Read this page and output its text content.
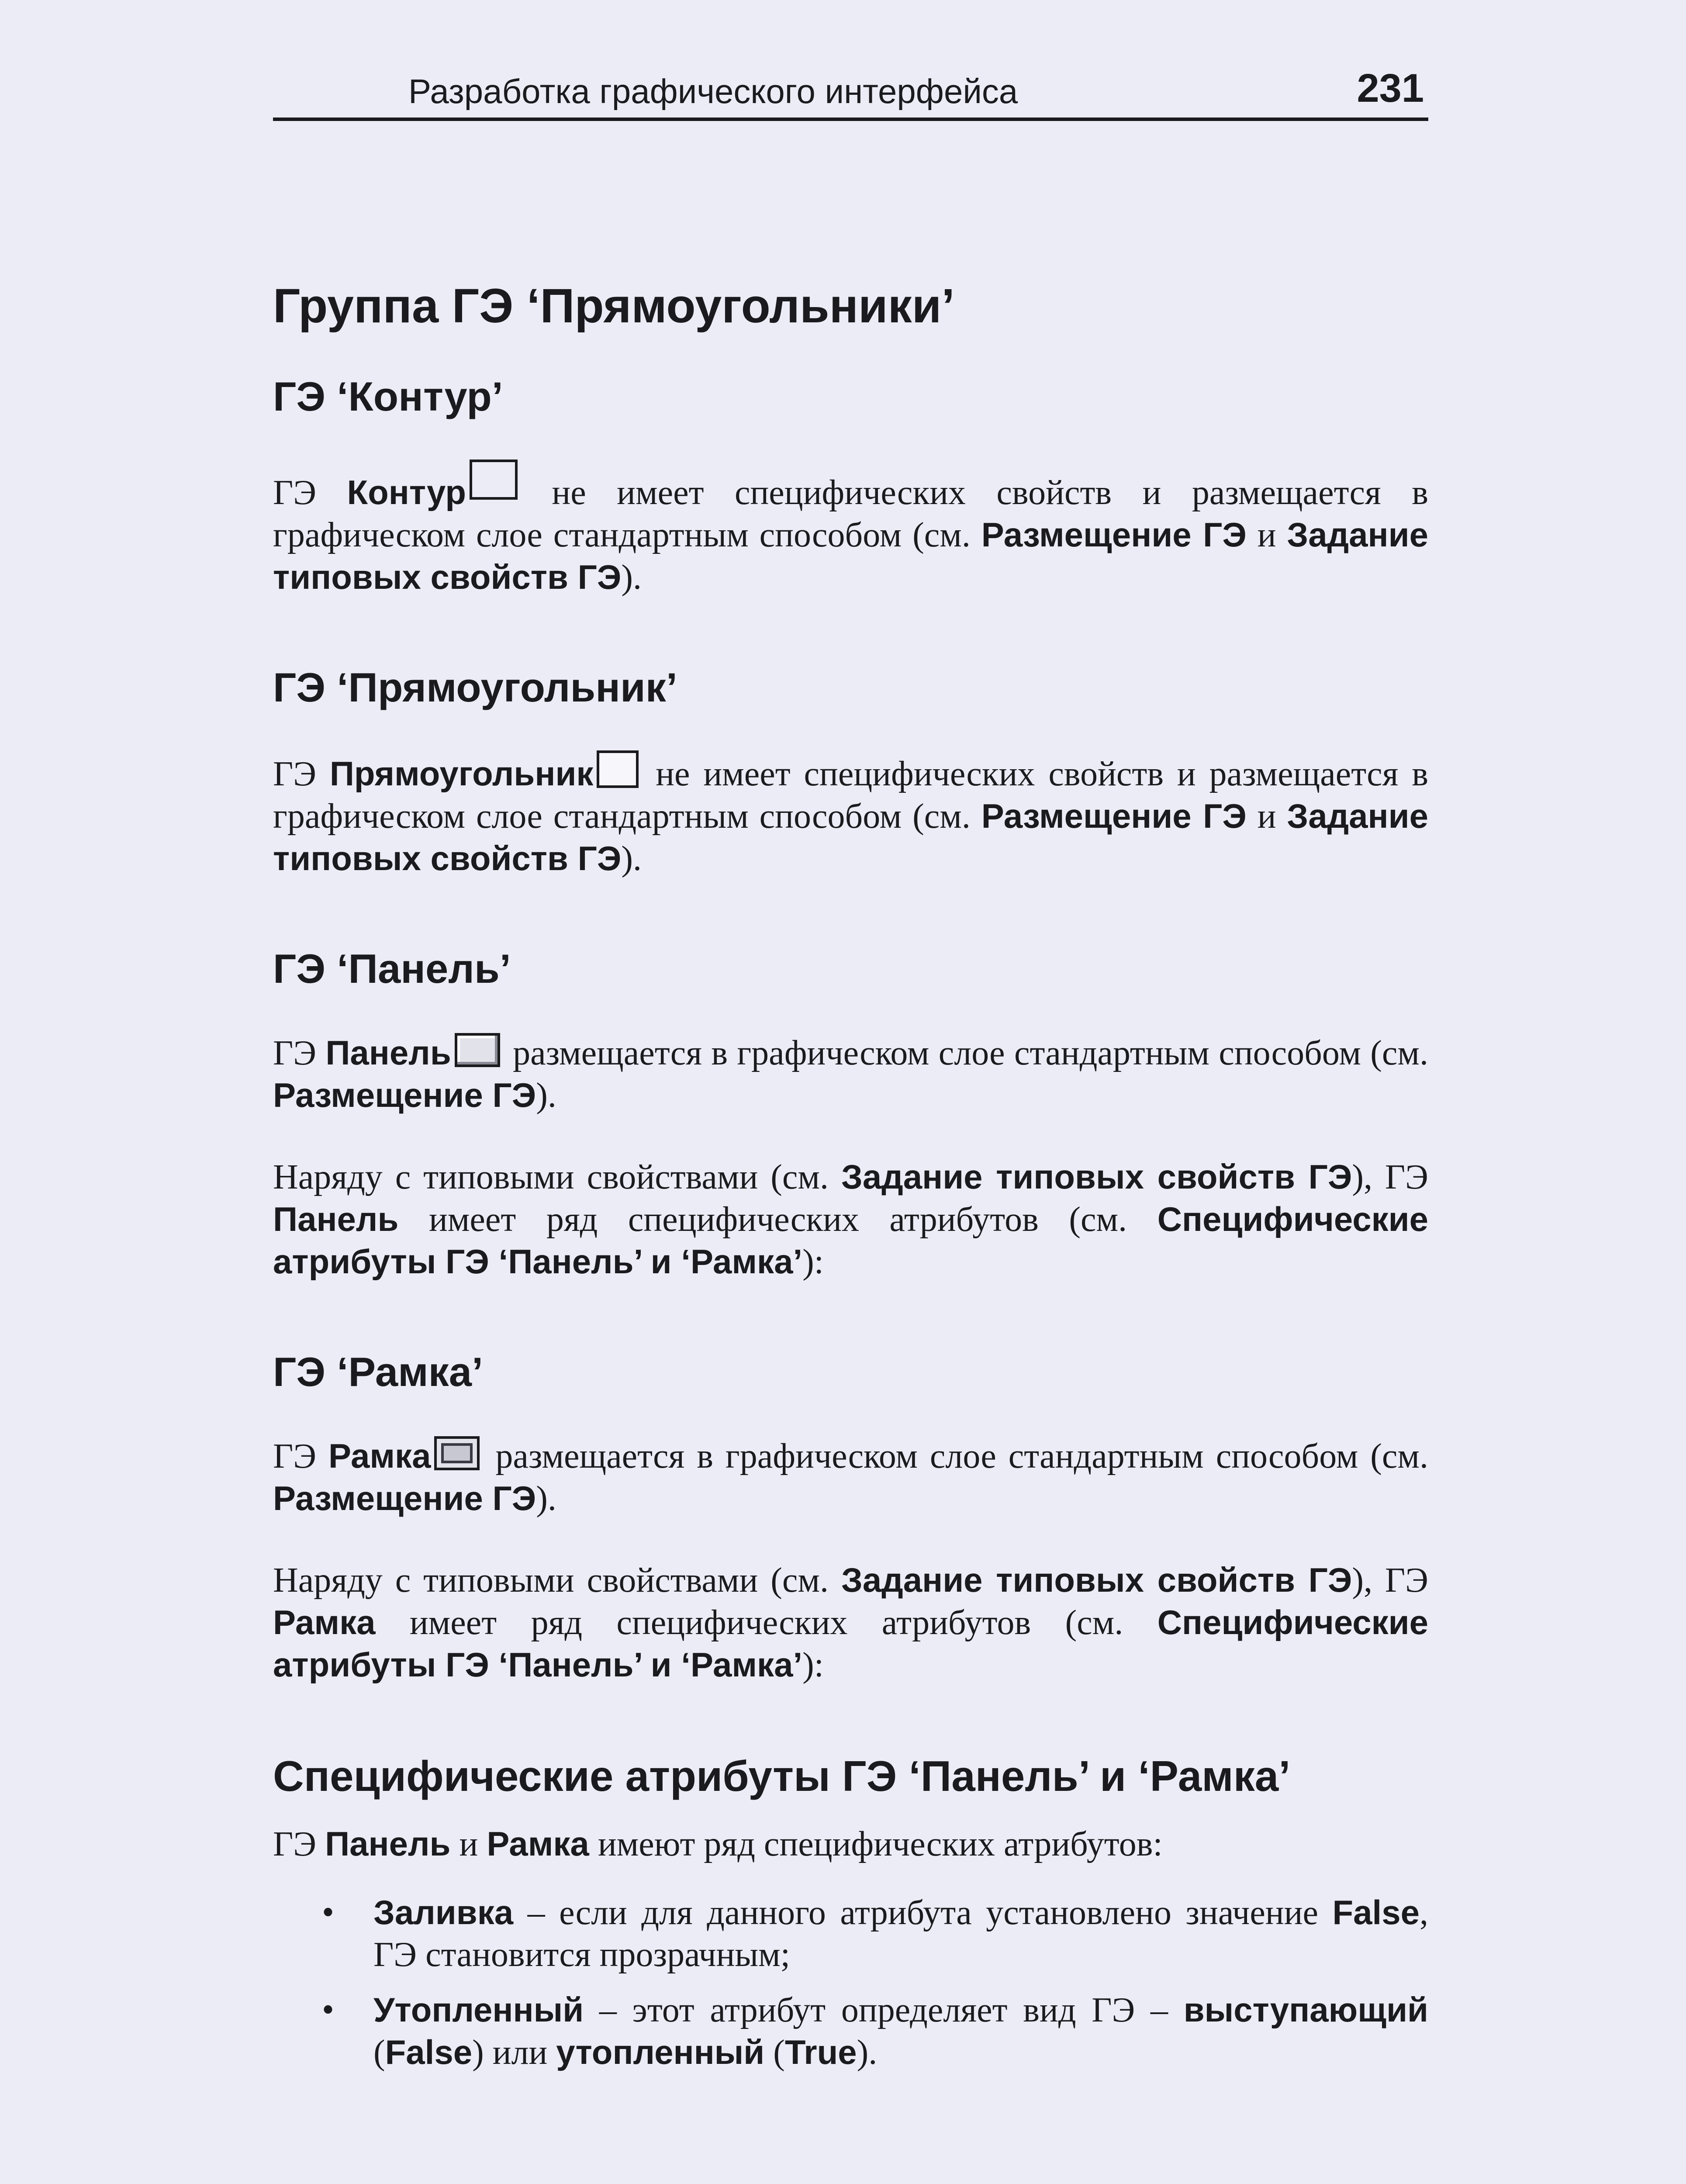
Разработка графического интерфейса	231
Группа ГЭ ‘Прямоугольники’
ГЭ ‘Контур’

ГЭ Контур не имеет специфических свойств и размещается в графическом слое стандартным способом (см. Размещение ГЭ и Задание типовых свойств ГЭ).

ГЭ ‘Прямоугольник’

ГЭ Прямоугольник не имеет специфических свойств и размещается в графическом слое стандартным способом (см. Размещение ГЭ и Задание типовых свойств ГЭ).

ГЭ ‘Панель’

ГЭ Панель размещается в графическом слое стандартным способом (см. Размещение ГЭ).

Наряду с типовыми свойствами (см. Задание типовых свойств ГЭ), ГЭ Панель имеет ряд специфических атрибутов (см. Специфические атрибуты ГЭ ‘Панель’ и ‘Рамка’):

ГЭ ‘Рамка’

ГЭ Рамка размещается в графическом слое стандартным способом (см. Размещение ГЭ).

Наряду с типовыми свойствами (см. Задание типовых свойств ГЭ), ГЭ Рамка имеет ряд специфических атрибутов (см. Специфические атрибуты ГЭ ‘Панель’ и ‘Рамка’):

Специфические атрибуты ГЭ ‘Панель’ и ‘Рамка’

ГЭ Панель и Рамка имеют ряд специфических атрибутов:

• Заливка – если для данного атрибута установлено значение False, ГЭ становится прозрачным;
• Утопленный – этот атрибут определяет вид ГЭ – выступающий (False) или утопленный (True).
